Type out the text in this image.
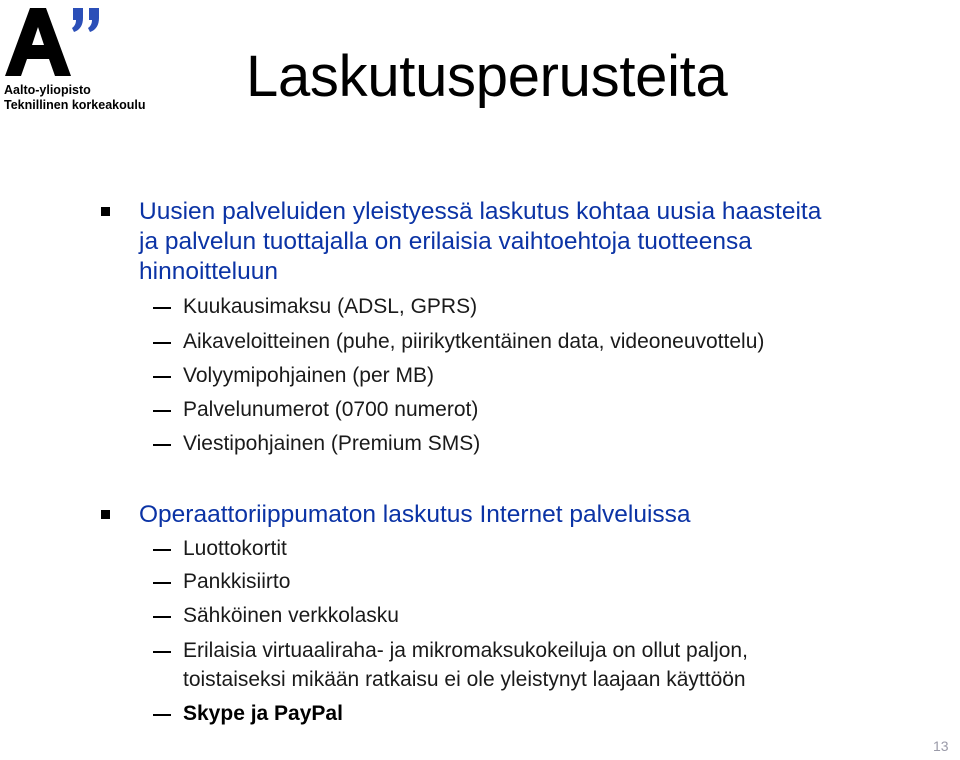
Aalto-yliopisto
Teknillinen korkeakoulu Laskutusperusteita
Uusien palveluiden yleistyessä laskutus kohtaa uusia haasteita
ja palvelun tuottajalla on erilaisia vaihtoehtoja tuotteensa
hinnoitteluun
Kuukausimaksu (ADSL, GPRS)
Aikaveloitteinen (puhe, piirikytkentäinen data, videoneuvottelu)
Volyymipohjainen (per MB)
Palvelunumerot (0700 numerot)
Viestipohjainen (Premium SMS)
Operaattoriippumaton laskutus Internet palveluissa
Luottokortit
Pankkisiirto
Sähköinen verkkolasku
Erilaisia virtuaaliraha- ja mikromaksukokeiluja on ollut paljon,
toistaiseksi mikään ratkaisu ei ole yleistynyt laajaan käyttöön
Skype ja PayPal
13
